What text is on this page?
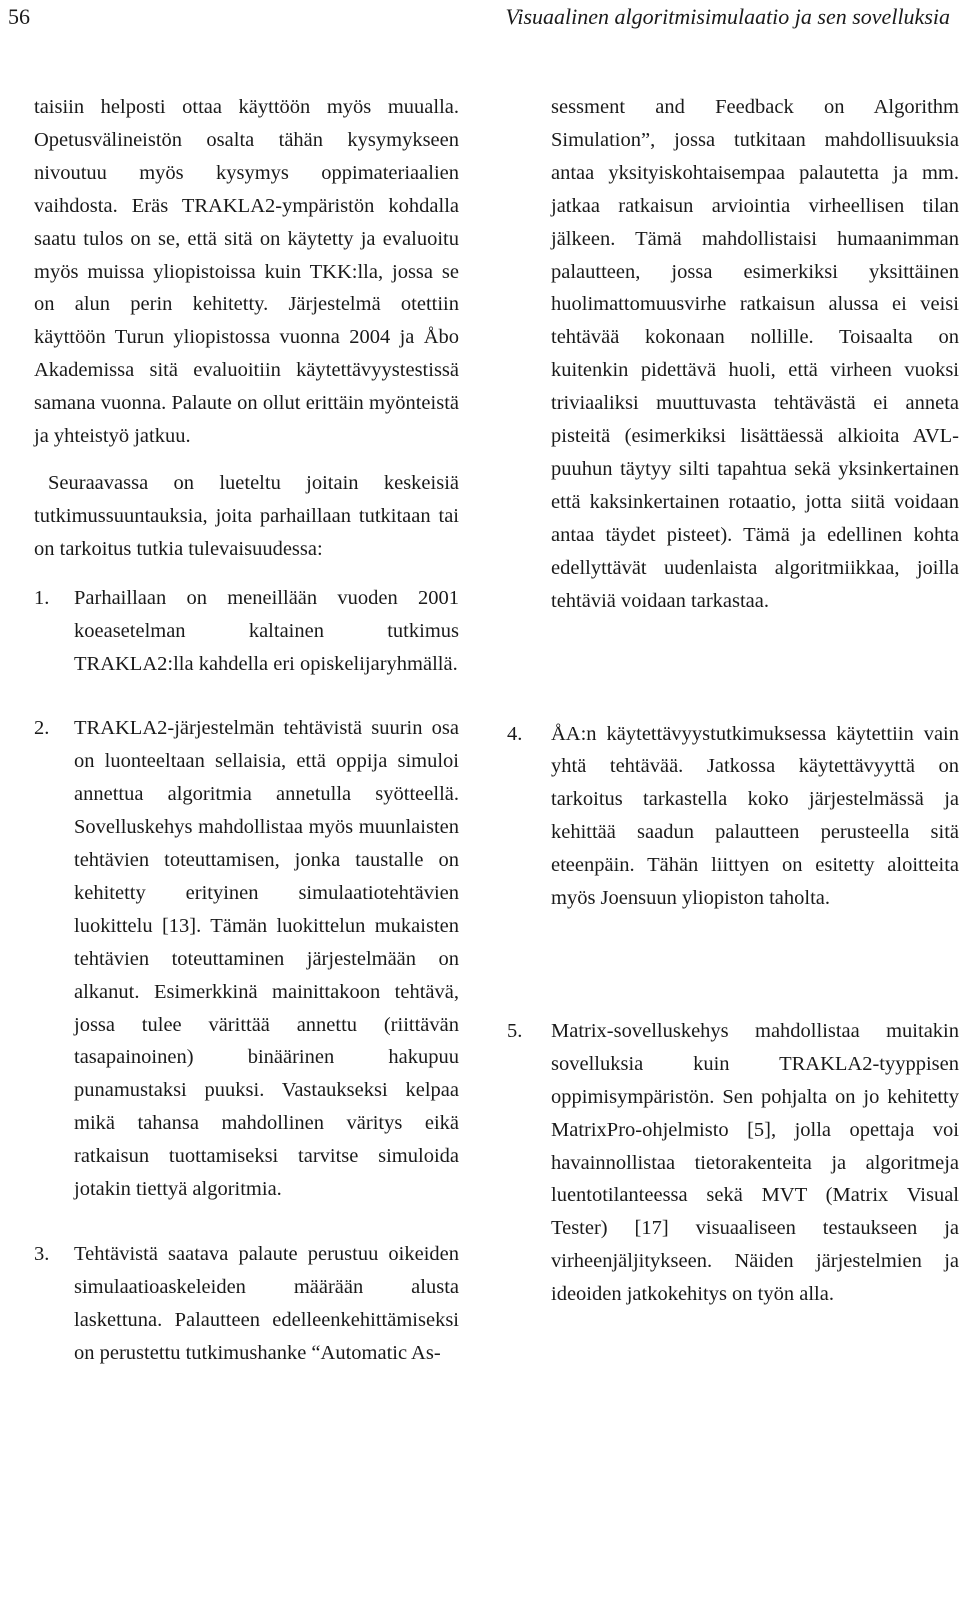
56	Visuaalinen algoritmisimulaatio ja sen sovelluksia

taisiin helposti ottaa käyttöön myös muualla. Opetusvälineistön osalta tähän kysymykseen nivoutuu myös kysymys oppimateriaalien vaihdosta. Eräs TRAKLA2-ympäristön kohdalla saatu tulos on se, että sitä on käytetty ja evaluoitu myös muissa yliopistoissa kuin TKK:lla, jossa se on alun perin kehitetty. Järjestelmä otettiin käyttöön Turun yliopistossa vuonna 2004 ja Åbo Akademissa sitä evaluoitiin käytettävyystestissä samana vuonna. Palaute on ollut erittäin myönteistä ja yhteistyö jatkuu.

Seuraavassa on lueteltu joitain keskeisiä tutkimussuuntauksia, joita parhaillaan tutkitaan tai on tarkoitus tutkia tulevaisuudessa:

1. Parhaillaan on meneillään vuoden 2001 koeasetelman kaltainen tutkimus TRAKLA2:lla kahdella eri opiskelijaryhmällä.

2. TRAKLA2-järjestelmän tehtävistä suurin osa on luonteeltaan sellaisia, että oppija simuloi annettua algoritmia annetulla syötteellä. Sovelluskehys mahdollistaa myös muunlaisten tehtävien toteuttamisen, jonka taustalle on kehitetty erityinen simulaatiotehtävien luokittelu [13]. Tämän luokittelun mukaisten tehtävien toteuttaminen järjestelmään on alkanut. Esimerkkinä mainittakoon tehtävä, jossa tulee värittää annettu (riittävän tasapainoinen) binäärinen hakupuu punamustaksi puuksi. Vastaukseksi kelpaa mikä tahansa mahdollinen väritys eikä ratkaisun tuottamiseksi tarvitse simuloida jotakin tiettyä algoritmia.

3. Tehtävistä saatava palaute perustuu oikeiden simulaatioaskeleiden määrään alusta laskettuna. Palautteen edelleenkehittämiseksi on perustettu tutkimushanke “Automatic As-

sessment and Feedback on Algorithm Simulation”, jossa tutkitaan mahdollisuuksia antaa yksityiskohtaisempaa palautetta ja mm. jatkaa ratkaisun arviointia virheellisen tilan jälkeen. Tämä mahdollistaisi humaanimman palautteen, jossa esimerkiksi yksittäinen huolimattomuusvirhe ratkaisun alussa ei veisi tehtävää kokonaan nollille. Toisaalta on kuitenkin pidettävä huoli, että virheen vuoksi triviaaliksi muuttuvasta tehtävästä ei anneta pisteitä (esimerkiksi lisättäessä alkioita AVL-puuhun täytyy silti tapahtua sekä yksinkertainen että kaksinkertainen rotaatio, jotta siitä voidaan antaa täydet pisteet). Tämä ja edellinen kohta edellyttävät uudenlaista algoritmiikkaa, joilla tehtäviä voidaan tarkastaa.

4. ÅA:n käytettävyystutkimuksessa käytettiin vain yhtä tehtävää. Jatkossa käytettävyyttä on tarkoitus tarkastella koko järjestelmässä ja kehittää saadun palautteen perusteella sitä eteenpäin. Tähän liittyen on esitetty aloitteita myös Joensuun yliopiston taholta.

5. Matrix-sovelluskehys mahdollistaa muitakin sovelluksia kuin TRAKLA2-tyyppisen oppimisympäristön. Sen pohjalta on jo kehitetty MatrixPro-ohjelmisto [5], jolla opettaja voi havainnollistaa tietorakenteita ja algoritmeja luentotilanteessa sekä MVT (Matrix Visual Tester) [17] visuaaliseen testaukseen ja virheenjäljitykseen. Näiden järjestelmien ja ideoiden jatkokehitys on työn alla.
